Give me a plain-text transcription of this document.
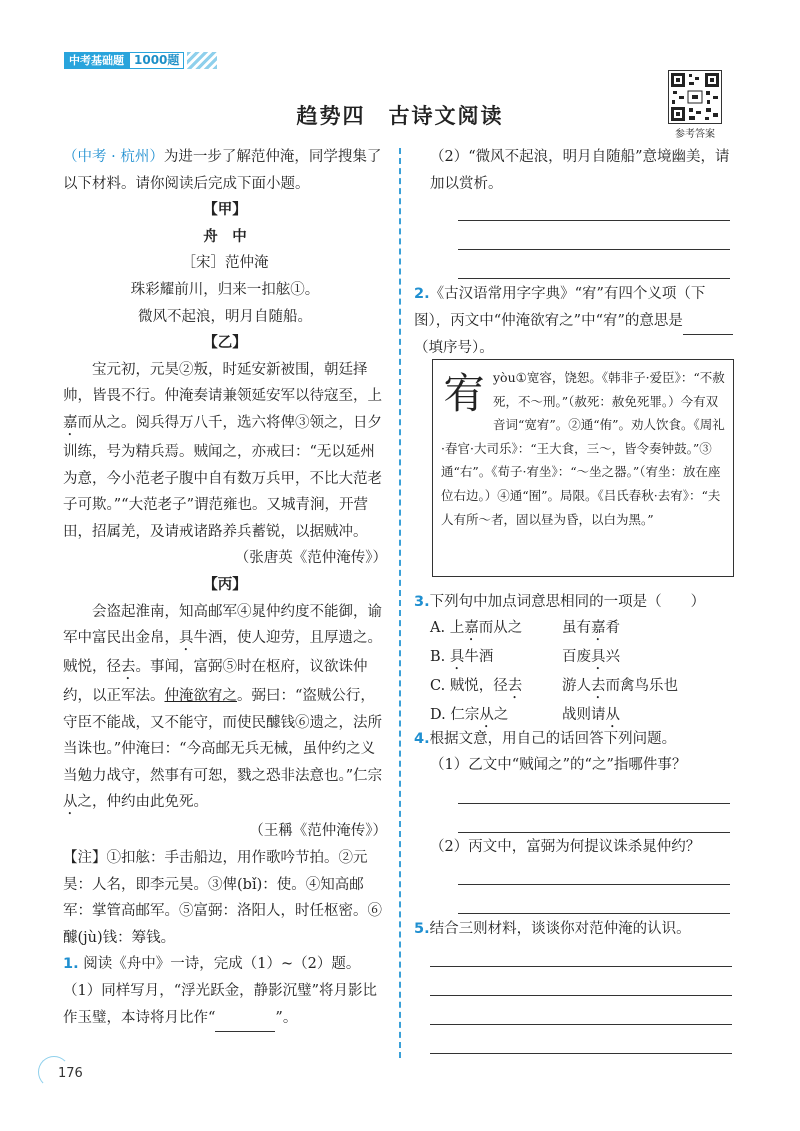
中考基础题 1000题
趋势四　古诗文阅读
参考答案

（中考 · 杭州）为进一步了解范仲淹，同学搜集了以下材料。请你阅读后完成下面小题。

【甲】

舟　中

［宋］范仲淹

珠彩耀前川，归来一扣舷①。

微风不起浪，明月自随船。

【乙】

宝元初，元昊②叛，时延安新被围，朝廷择帅，皆畏不行。仲淹奏请兼领延安军以待寇至，上嘉而从之。阅兵得万八千，选六将俾③领之，日夕训练，号为精兵焉。贼闻之，亦戒曰：“无以延州为意，今小范老子腹中自有数万兵甲，不比大范老子可欺。”“大范老子”谓范雍也。又城青涧，开营田，招属羌，及请戒诸路养兵蓄锐，以据贼冲。

（张唐英《范仲淹传》）

【丙】

会盗起淮南，知高邮军④晁仲约度不能御，谕军中富民出金帛，具牛酒，使人迎劳，且厚遗之。贼悦，径去。事闻，富弼⑤时在枢府，议欲诛仲约，以正军法。仲淹欲宥之。弼曰：“盗贼公行，守臣不能战，又不能守，而使民醵钱⑥遗之，法所当诛也。”仲淹曰：“今高邮无兵无械，虽仲约之义当勉力战守，然事有可恕，戮之恐非法意也。”仁宗从之，仲约由此免死。

（王稱《范仲淹传》）

【注】①扣舷：手击船边，用作歌吟节拍。②元昊：人名，即李元昊。③俾(bǐ)：使。④知高邮军：掌管高邮军。⑤富弼：洛阳人，时任枢密。⑥醵(jù)钱：筹钱。

1. 阅读《舟中》一诗，完成（1）~（2）题。

（1）同样写月，“浮光跃金，静影沉璧”将月影比作玉璧，本诗将月比作“	”。

（2）“微风不起浪，明月自随船”意境幽美，请加以赏析。

2.《古汉语常用字字典》“宥”有四个义项（下图），丙文中“仲淹欲宥之”中“宥”的意思是 （填序号）。

宥 yòu①宽容，饶恕。《韩非子·爱臣》：“不赦死，不～刑。”（赦死：赦免死罪。）今有双音词“宽宥”。②通“侑”。劝人饮食。《周礼·春官·大司乐》：“王大食，三～，皆令奏钟鼓。”③通“右”。《荀子·宥坐》：“～坐之器。”（宥坐：放在座位右边。）④通“囿”。局限。《吕氏春秋·去宥》：“夫人有所～者，固以昼为昏，以白为黑。”

3.下列句中加点词意思相同的一项是（　　）

A. 上嘉而从之	虽有嘉肴
B. 具牛酒	百废具兴
C. 贼悦，径去	游人去而禽鸟乐也
D. 仁宗从之	战则请从

4.根据文意，用自己的话回答下列问题。

（1）乙文中“贼闻之”的“之”指哪件事？

（2）丙文中，富弼为何提议诛杀晁仲约？

5.结合三则材料，谈谈你对范仲淹的认识。

176
